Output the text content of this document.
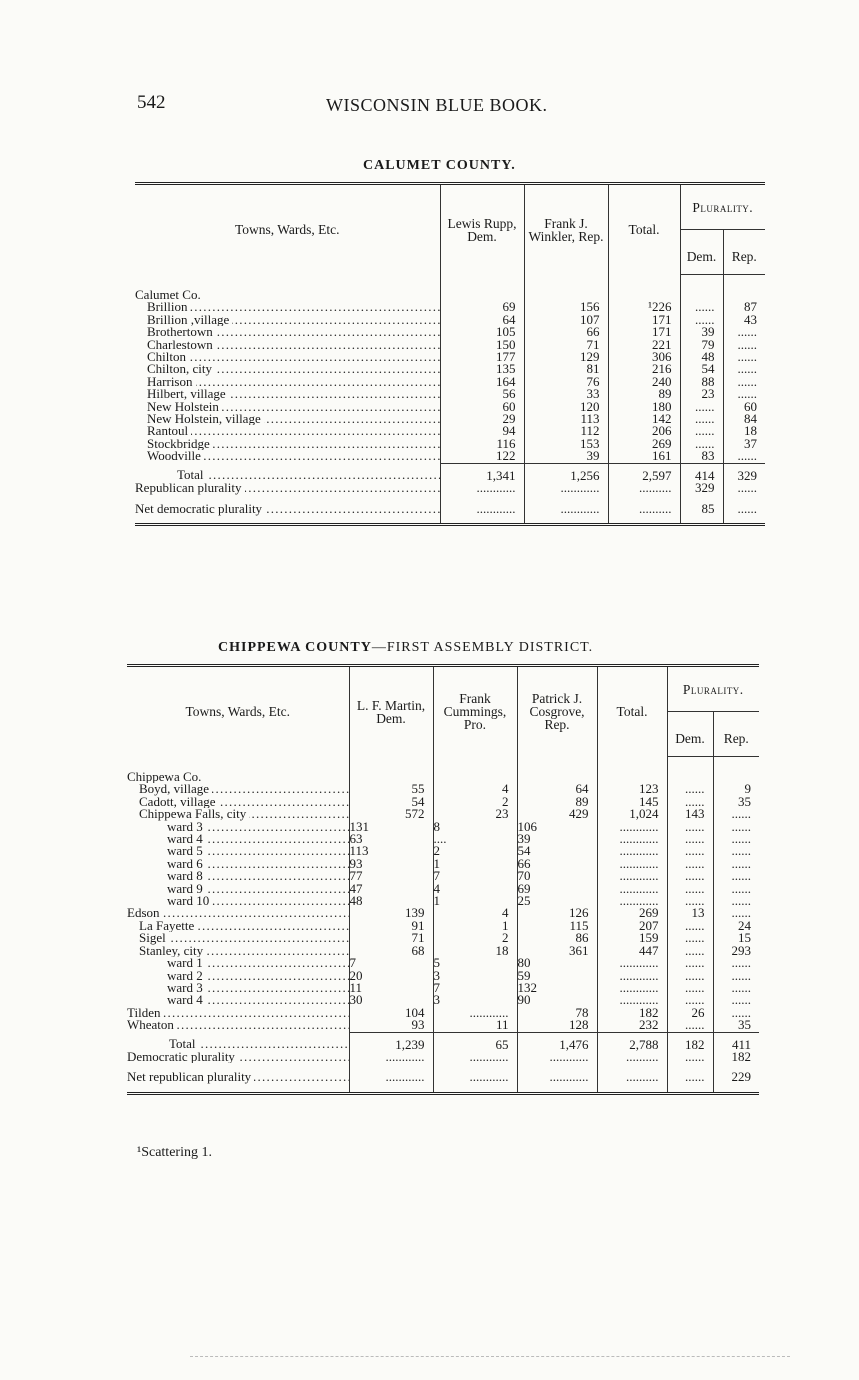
542	WISCONSIN BLUE BOOK.
CALUMET COUNTY.
Towns, Wards, Etc.	Lewis Rupp, Dem.	Frank J. Winkler, Rep.	Total.	Plurality.	
				Dem.	Rep.

Calumet Co.					

Brillion . . .	69	156	¹226	......	87

Brillion ,village . . .	64	107	171	......	43

Brothertown . . .	105	66	171	39	......

Charlestown . . .	150	71	221	79	......

Chilton . . .	177	129	306	48	......

Chilton, city . . .	135	81	216	54	......

Harrison . . .	164	76	240	88	......

Hilbert, village . . .	56	33	89	23	......

New Holstein . . .	60	120	180	......	60

New Holstein, village . . .	29	113	142	......	84

Rantoul . . .	94	112	206	......	18

Stockbridge . . .	116	153	269	......	37

Woodville . . .	122	39	161	83	......

Total . . .	1,341	1,256	2,597	414	329

Republican plurality . . .	............	............	..........	329	......

Net democratic plurality . . .	............	............	..........	85	......
CHIPPEWA COUNTY—FIRST ASSEMBLY DISTRICT.
Towns, Wards, Etc.	L. F. Martin, Dem.	Frank Cummings, Pro.	Patrick J. Cosgrove, Rep.	Total.	Plurality.	
					Dem.	Rep.

Chippewa Co.						

Boyd, village . . .	55	4	64	123	......	9

Cadott, village . . .	54	2	89	145	......	35

Chippewa Falls, city . . .	572	23	429	1,024	143	......

ward 3 . . .	131	8	106	............	......	......

ward 4 . . .	63	....	39	............	......	......

ward 5 . . .	113	2	54	............	......	......

ward 6 . . .	93	1	66	............	......	......

ward 8 . . .	77	7	70	............	......	......

ward 9 . . .	47	4	69	............	......	......

ward 10 . . .	48	1	25	............	......	......

Edson . . .	139	4	126	269	13	......

La Fayette . . .	91	1	115	207	......	24

Sigel . . .	71	2	86	159	......	15

Stanley, city . . .	68	18	361	447	......	293

ward 1 . . .	7	5	80	............	......	......

ward 2 . . .	20	3	59	............	......	......

ward 3 . . .	11	7	132	............	......	......

ward 4 . . .	30	3	90	............	......	......

Tilden . . .	104	............	78	182	26	......

Wheaton . . .	93	11	128	232	......	35

Total . . .	1,239	65	1,476	2,788	182	411

Democratic plurality . . .	............	............	............	..........	......	182

Net republican plurality . . .	............	............	............	..........	......	229
¹Scattering 1.
